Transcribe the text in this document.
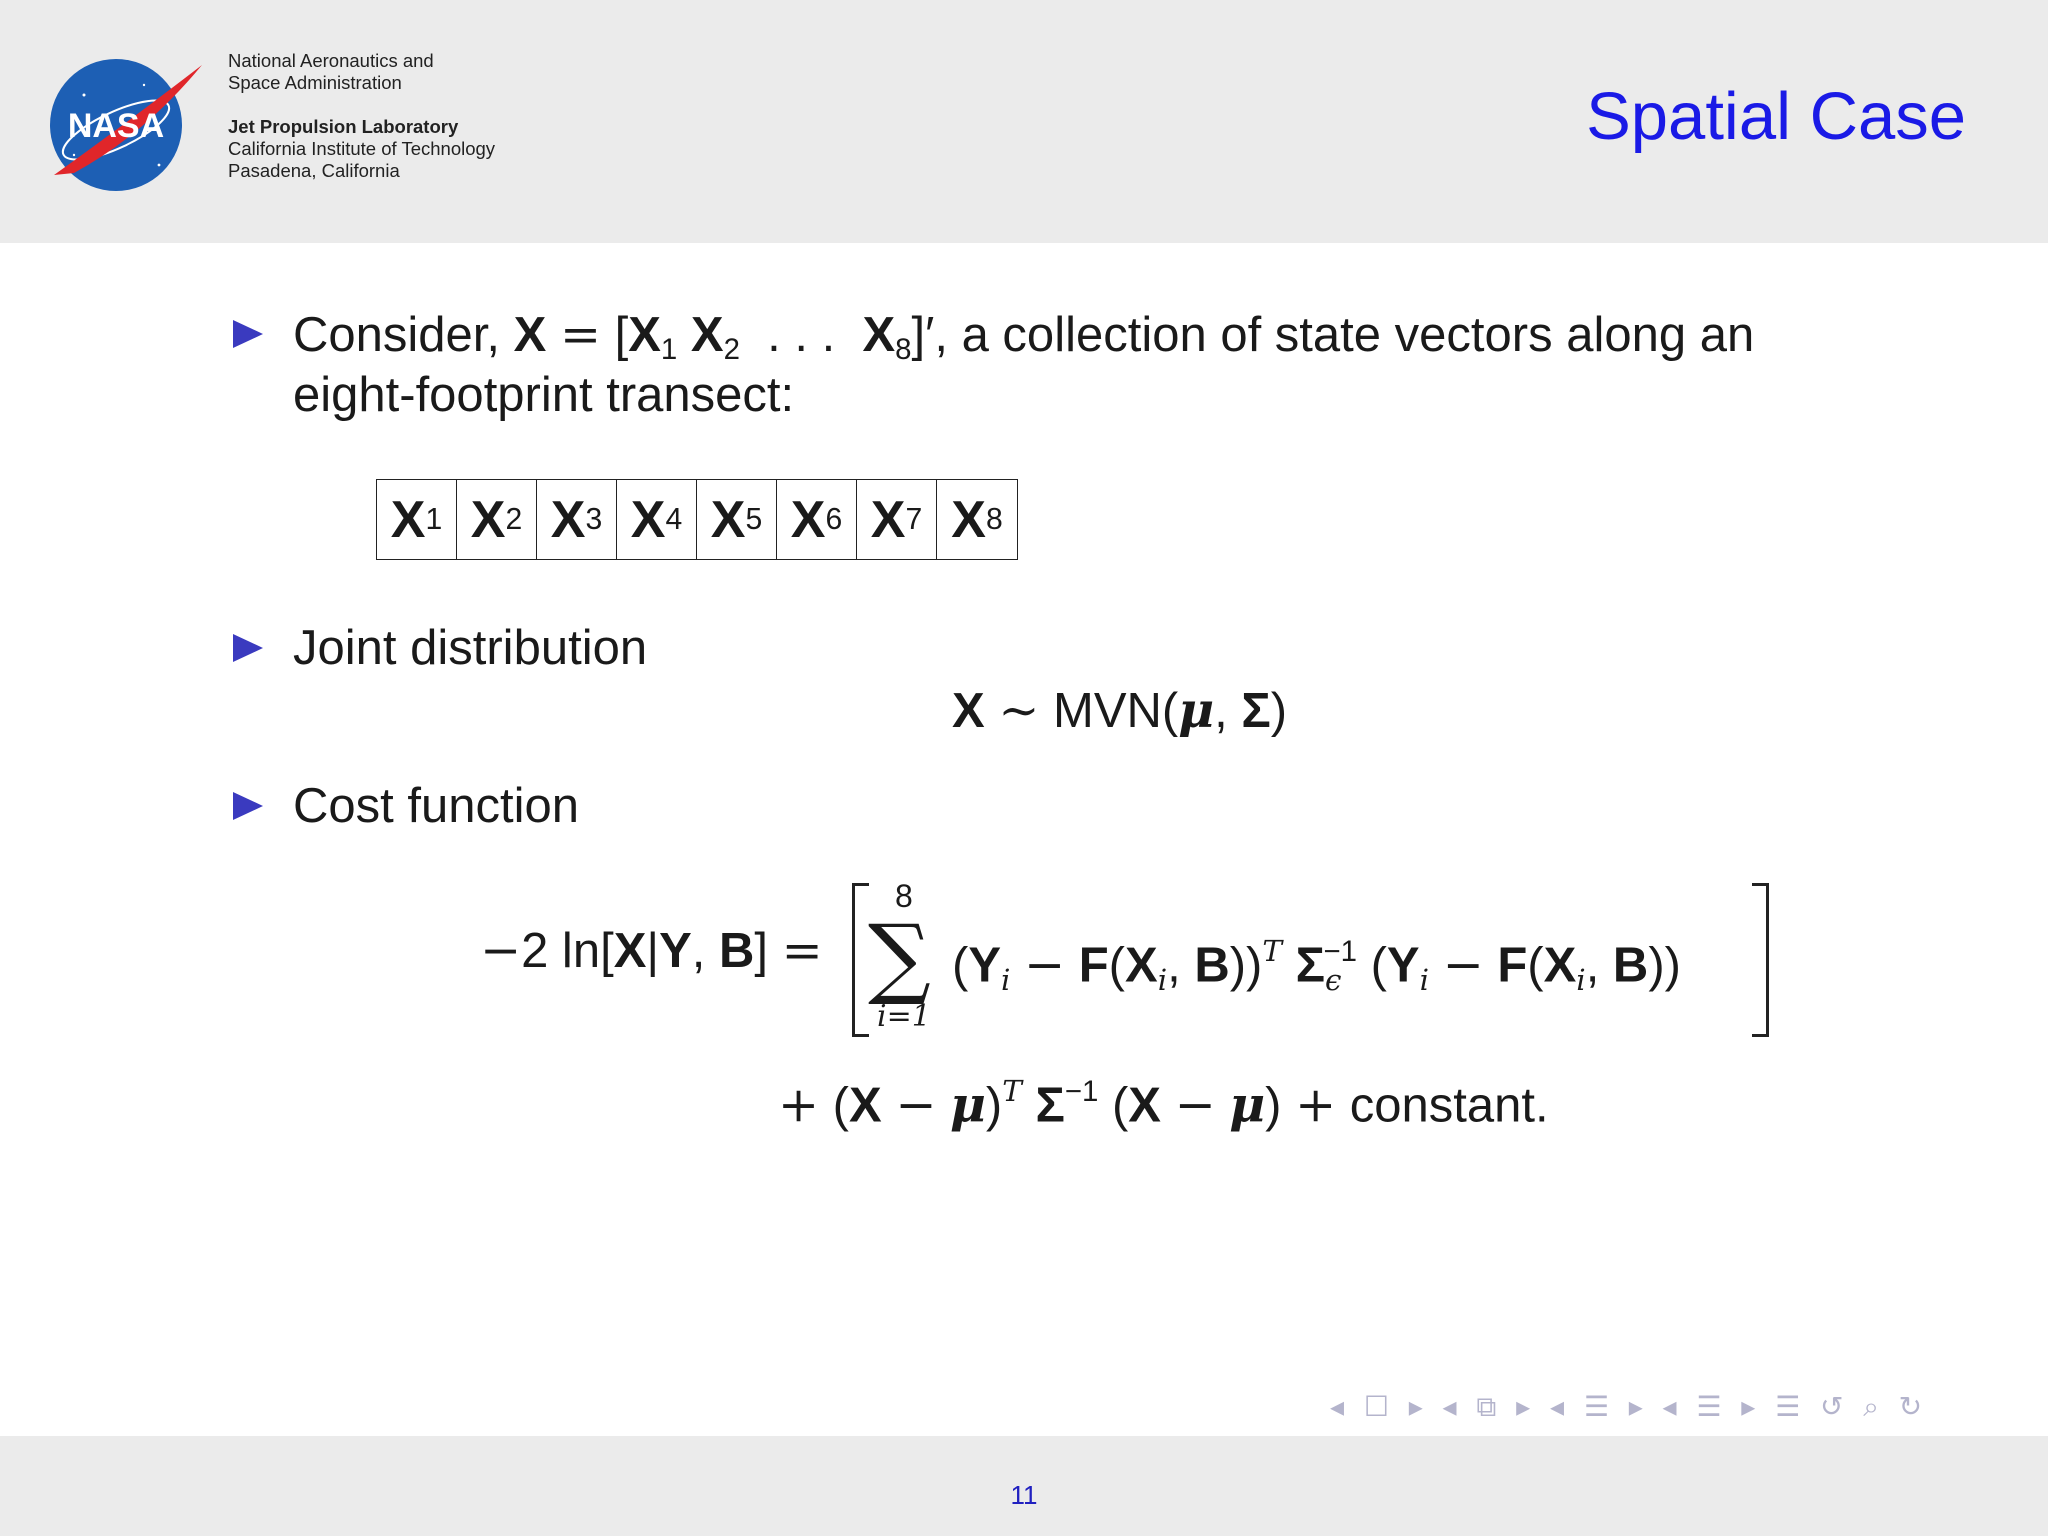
NASA
National Aeronautics and
Space Administration
Jet Propulsion Laboratory
California Institute of Technology
Pasadena, California
Spatial Case
Consider, $X = [X_1$ $X_2$  . . .  $X_8]'$, a collection of state vectors along an
eight-footprint transect:
X 1 X 2 X 3 X 4 X 5 X 6 X 7 X 8
Joint distribution
X ∼ MVN(μ, Σ)
Cost function
−2 ln[X|Y, B] =
8
∑
i=1
($Y_i - F(X_i$, B))$^T$ $\Sigma_\epsilon^{-1}$ ($Y_i - F(X_i$, B))
+ $(X - \mu)^T$ $\Sigma^{-1}$ (X − μ) + constant.
◂ ☐ ▸ ◂ ⧉ ▸ ◂ ☰ ▸ ◂ ☰ ▸ ☰ ↺ ⌕ ↻
11
